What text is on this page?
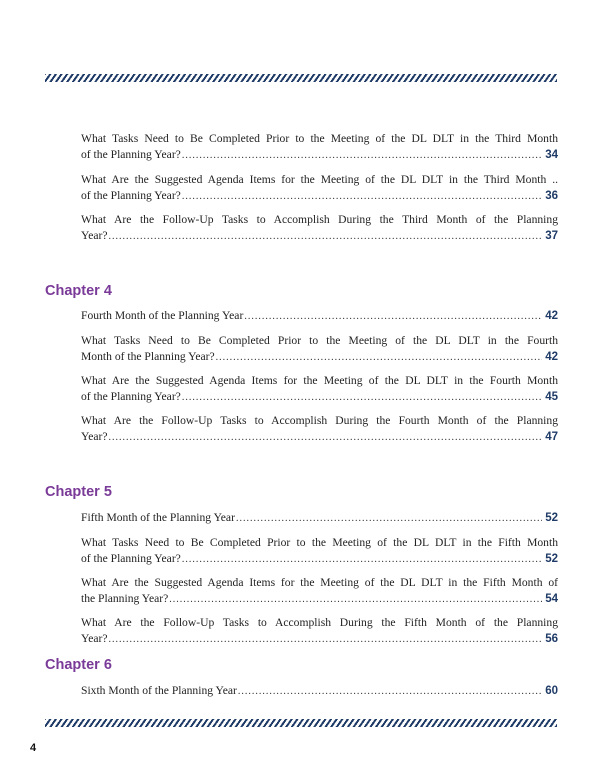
What Tasks Need to Be Completed Prior to the Meeting of the DL DLT in the Third Month
of the Planning Year? .....	34
What Are the Suggested Agenda Items for the Meeting of the DL DLT in the Third Month ..
of the Planning Year? .....	36
What Are the Follow-Up Tasks to Accomplish During the Third Month of the Planning
Year? .....	37
Chapter 4
Fourth Month of the Planning Year .....	42
What Tasks Need to Be Completed Prior to the Meeting of the DL DLT in the Fourth
Month of the Planning Year? .....	42
What Are the Suggested Agenda Items for the Meeting of the DL DLT in the Fourth Month
of the Planning Year? .....	45
What Are the Follow-Up Tasks to Accomplish During the Fourth Month of the Planning
Year? .....	47
Chapter 5
Fifth Month of the Planning Year .....	52
What Tasks Need to Be Completed Prior to the Meeting of the DL DLT in the Fifth Month
of the Planning Year? .....	52
What Are the Suggested Agenda Items for the Meeting of the DL DLT in the Fifth Month of
the Planning Year? .....	54
What Are the Follow-Up Tasks to Accomplish During the Fifth Month of the Planning
Year? .....	56
Chapter 6
Sixth Month of the Planning Year .....	60
4
